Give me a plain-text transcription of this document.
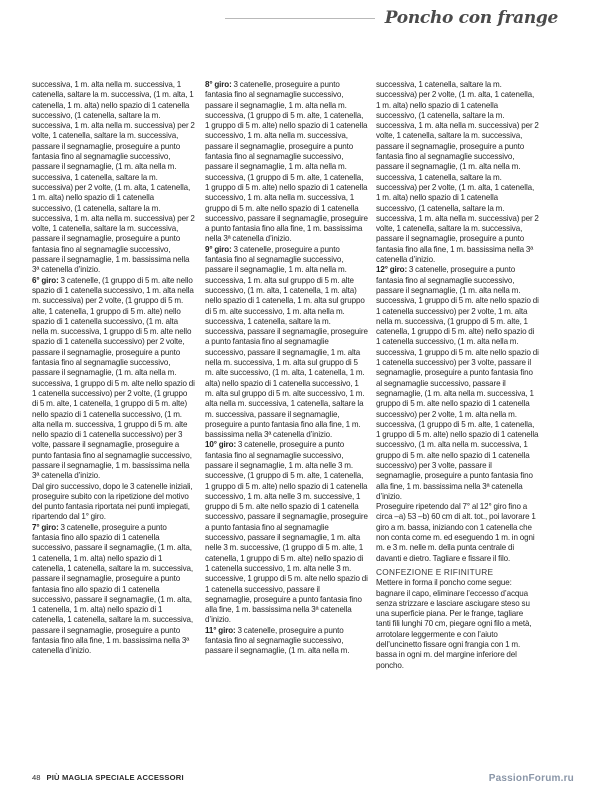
Poncho con frange

successiva, 1 m. alta nella m. successiva, 1 catenella, saltare la m. successiva, (1 m. alta, 1 catenella, 1 m. alta) nello spazio di 1 catenella successivo, (1 catenella, saltare la m. successiva, 1 m. alta nella m. successiva) per 2 volte, 1 catenella, saltare la m. successiva, passare il segnamaglie, proseguire a punto fantasia fino al segnamaglie successivo, passare il segnamaglie, (1 m. alta nella m. successiva, 1 catenella, saltare la m. successiva) per 2 volte, (1 m. alta, 1 catenella, 1 m. alta) nello spazio di 1 catenella successivo, (1 catenella, saltare la m. successiva, 1 m. alta nella m. successiva) per 2 volte, 1 catenella, saltare la m. successiva, passare il segnamaglie, proseguire a punto fantasia fino al segnamaglie successivo, passare il segnamaglie, 1 m. bassissima nella 3ª catenella d’inizio.

6° giro: 3 catenelle, (1 gruppo di 5 m. alte nello spazio di 1 catenella successivo, 1 m. alta nella m. successiva) per 2 volte, (1 gruppo di 5 m. alte, 1 catenella, 1 gruppo di 5 m. alte) nello spazio di 1 catenella successivo, (1 m. alta nella m. successiva, 1 gruppo di 5 m. alte nello spazio di 1 catenella successivo) per 2 volte, passare il segnamaglie, proseguire a punto fantasia fino al segnamaglie successivo, passare il segnamaglie, (1 m. alta nella m. successiva, 1 gruppo di 5 m. alte nello spazio di 1 catenella successivo) per 2 volte, (1 gruppo di 5 m. alte, 1 catenella, 1 gruppo di 5 m. alte) nello spazio di 1 catenella successivo, (1 m. alta nella m. successiva, 1 gruppo di 5 m. alte nello spazio di 1 catenella successivo) per 3 volte, passare il segnamaglie, proseguire a punto fantasia fino al segnamaglie successivo, passare il segnamaglie, 1 m. bassissima nella 3ª catenella d’inizio.

Dal giro successivo, dopo le 3 catenelle iniziali, proseguire subito con la ripetizione del motivo del punto fantasia riportata nei punti impiegati, ripartendo dal 1° giro.

7° giro: 3 catenelle, proseguire a punto fantasia fino allo spazio di 1 catenella successivo, passare il segnamaglie, (1 m. alta, 1 catenella, 1 m. alta) nello spazio di 1 catenella, 1 catenella, saltare la m. successiva, passare il segnamaglie, proseguire a punto fantasia fino allo spazio di 1 catenella successivo, passare il segnamaglie, (1 m. alta, 1 catenella, 1 m. alta) nello spazio di 1 catenella, 1 catenella, saltare la m. successiva, passare il segnamaglie, proseguire a punto fantasia fino alla fine, 1 m. bassissima nella 3ª catenella d’inizio.

8° giro: 3 catenelle, proseguire a punto fantasia fino al segnamaglie successivo, passare il segnamaglie, 1 m. alta nella m. successiva, (1 gruppo di 5 m. alte, 1 catenella, 1 gruppo di 5 m. alte) nello spazio di 1 catenella successivo, 1 m. alta nella m. successiva, passare il segnamaglie, proseguire a punto fantasia fino al segnamaglie successivo, passare il segnamaglie, 1 m. alta nella m. successiva, (1 gruppo di 5 m. alte, 1 catenella, 1 gruppo di 5 m. alte) nello spazio di 1 catenella successivo, 1 m. alta nella m. successiva, 1 gruppo di 5 m. alte nello spazio di 1 catenella successivo, passare il segnamaglie, proseguire a punto fantasia fino alla fine, 1 m. bassissima nella 3ª catenella d’inizio.

9° giro: 3 catenelle, proseguire a punto fantasia fino al segnamaglie successivo, passare il segnamaglie, 1 m. alta nella m. successiva, 1 m. alta sul gruppo di 5 m. alte successivo, (1 m. alta, 1 catenella, 1 m. alta) nello spazio di 1 catenella, 1 m. alta sul gruppo di 5 m. alte successivo, 1 m. alta nella m. successiva, 1 catenella, saltare la m. successiva, passare il segnamaglie, proseguire a punto fantasia fino al segnamaglie successivo, passare il segnamaglie, 1 m. alta nella m. successiva, 1 m. alta sul gruppo di 5 m. alte successivo, (1 m. alta, 1 catenella, 1 m. alta) nello spazio di 1 catenella successivo, 1 m. alta sul gruppo di 5 m. alte successivo, 1 m. alta nella m. successiva, 1 catenella, saltare la m. successiva, passare il segnamaglie, proseguire a punto fantasia fino alla fine, 1 m. bassissima nella 3ª catenella d’inizio.

10° giro: 3 catenelle, proseguire a punto fantasia fino al segnamaglie successivo, passare il segnamaglie, 1 m. alta nelle 3 m. successive, (1 gruppo di 5 m. alte, 1 catenella, 1 gruppo di 5 m. alte) nello spazio di 1 catenella successivo, 1 m. alta nelle 3 m. successive, 1 gruppo di 5 m. alte nello spazio di 1 catenella successivo, passare il segnamaglie, proseguire a punto fantasia fino al segnamaglie successivo, passare il segnamaglie, 1 m. alta nelle 3 m. successive, (1 gruppo di 5 m. alte, 1 catenella, 1 gruppo di 5 m. alte) nello spazio di 1 catenella successivo, 1 m. alta nelle 3 m. successive, 1 gruppo di 5 m. alte nello spazio di 1 catenella successivo, passare il segnamaglie, proseguire a punto fantasia fino alla fine, 1 m. bassissima nella 3ª catenella d’inizio.

11° giro: 3 catenelle, proseguire a punto fantasia fino al segnamaglie successivo, passare il segnamaglie, (1 m. alta nella m.

successiva, 1 catenella, saltare la m. successiva) per 2 volte, (1 m. alta, 1 catenella, 1 m. alta) nello spazio di 1 catenella successivo, (1 catenella, saltare la m. successiva, 1 m. alta nella m. successiva) per 2 volte, 1 catenella, saltare la m. successiva, passare il segnamaglie, proseguire a punto fantasia fino al segnamaglie successivo, passare il segnamaglie, (1 m. alta nella m. successiva, 1 catenella, saltare la m. successiva) per 2 volte, (1 m. alta, 1 catenella, 1 m. alta) nello spazio di 1 catenella successivo, (1 catenella, saltare la m. successiva, 1 m. alta nella m. successiva) per 2 volte, 1 catenella, saltare la m. successiva, passare il segnamaglie, proseguire a punto fantasia fino alla fine, 1 m. bassissima nella 3ª catenella d’inizio.

12° giro: 3 catenelle, proseguire a punto fantasia fino al segnamaglie successivo, passare il segnamaglie, (1 m. alta nella m. successiva, 1 gruppo di 5 m. alte nello spazio di 1 catenella successivo) per 2 volte, 1 m. alta nella m. successiva, (1 gruppo di 5 m. alte, 1 catenella, 1 gruppo di 5 m. alte) nello spazio di 1 catenella successivo, (1 m. alta nella m. successiva, 1 gruppo di 5 m. alte nello spazio di 1 catenella successivo) per 3 volte, passare il segnamaglie, proseguire a punto fantasia fino al segnamaglie successivo, passare il segnamaglie, (1 m. alta nella m. successiva, 1 gruppo di 5 m. alte nello spazio di 1 catenella successivo) per 2 volte, 1 m. alta nella m. successiva, (1 gruppo di 5 m. alte, 1 catenella, 1 gruppo di 5 m. alte) nello spazio di 1 catenella successivo, (1 m. alta nella m. successiva, 1 gruppo di 5 m. alte nello spazio di 1 catenella successivo) per 3 volte, passare il segnamaglie, proseguire a punto fantasia fino alla fine, 1 m. bassissima nella 3ª catenella d’inizio.

Proseguire ripetendo dal 7° al 12° giro fino a circa –a) 53 –b) 60 cm di alt. tot., poi lavorare 1 giro a m. bassa, iniziando con 1 catenella che non conta come m. ed eseguendo 1 m. in ogni m. e 3 m. nelle m. della punta centrale di davanti e dietro. Tagliare e fissare il filo.

CONFEZIONE E RIFINITURE

Mettere in forma il poncho come segue: bagnare il capo, eliminare l’eccesso d’acqua senza strizzare e lasciare asciugare steso su una superficie piana. Per le frange, tagliare tanti fili lunghi 70 cm, piegare ogni filo a metà, arrotolare leggermente e con l’aiuto dell’uncinetto fissare ogni frangia con 1 m. bassa in ogni m. del margine inferiore del poncho.

48 PIÙ MAGLIA SPECIALE ACCESSORI	PassionForum.ru
